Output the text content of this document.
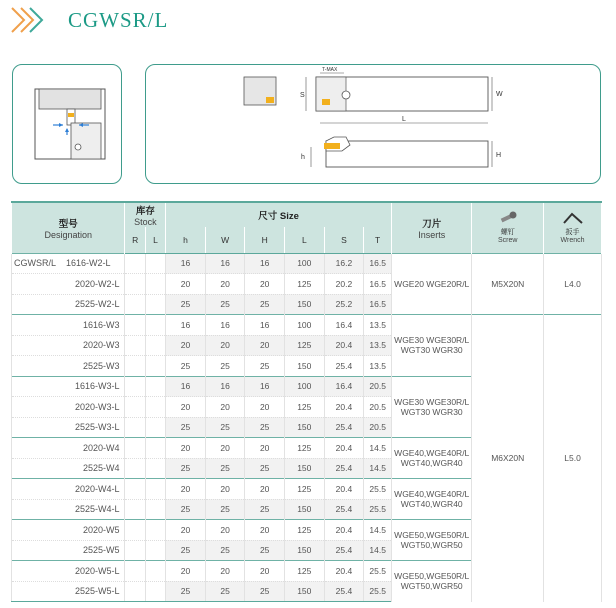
CGWSR/L
S
T-MAX
W
L
h	H
型号
Designation	库存
Stock		尺寸 Size						刀片
Inserts	螺钉
Screw	扳手
Wrench

	R	L	h	W	H	L	S	T			
CGWSR/L 1616-W2-L			16	16	16	100	16.2	16.5	WGE20 WGE20R/L	M5X20N	L4.0
2020-W2-L			20	20	20	125	20.2	16.5			
2525-W2-L			25	25	25	150	25.2	16.5			
1616-W3			16	16	16	100	16.4	13.5	WGE30 WGE30R/L WGT30 WGR30	M6X20N	L5.0
2020-W3			20	20	20	125	20.4	13.5			
2525-W3			25	25	25	150	25.4	13.5			
1616-W3-L			16	16	16	100	16.4	20.5	WGE30 WGE30R/L WGT30 WGR30		
2020-W3-L			20	20	20	125	20.4	20.5			
2525-W3-L			25	25	25	150	25.4	20.5			
2020-W4			20	20	20	125	20.4	14.5	WGE40,WGE40R/L WGT40,WGR40		
2525-W4			25	25	25	150	25.4	14.5			
2020-W4-L			20	20	20	125	20.4	25.5	WGE40,WGE40R/L WGT40,WGR40		
2525-W4-L			25	25	25	150	25.4	25.5			
2020-W5			20	20	20	125	20.4	14.5	WGE50,WGE50R/L WGT50,WGR50		
2525-W5			25	25	25	150	25.4	14.5			
2020-W5-L			20	20	20	125	20.4	25.5	WGE50,WGE50R/L WGT50,WGR50		
2525-W5-L			25	25	25	150	25.4	25.5			
